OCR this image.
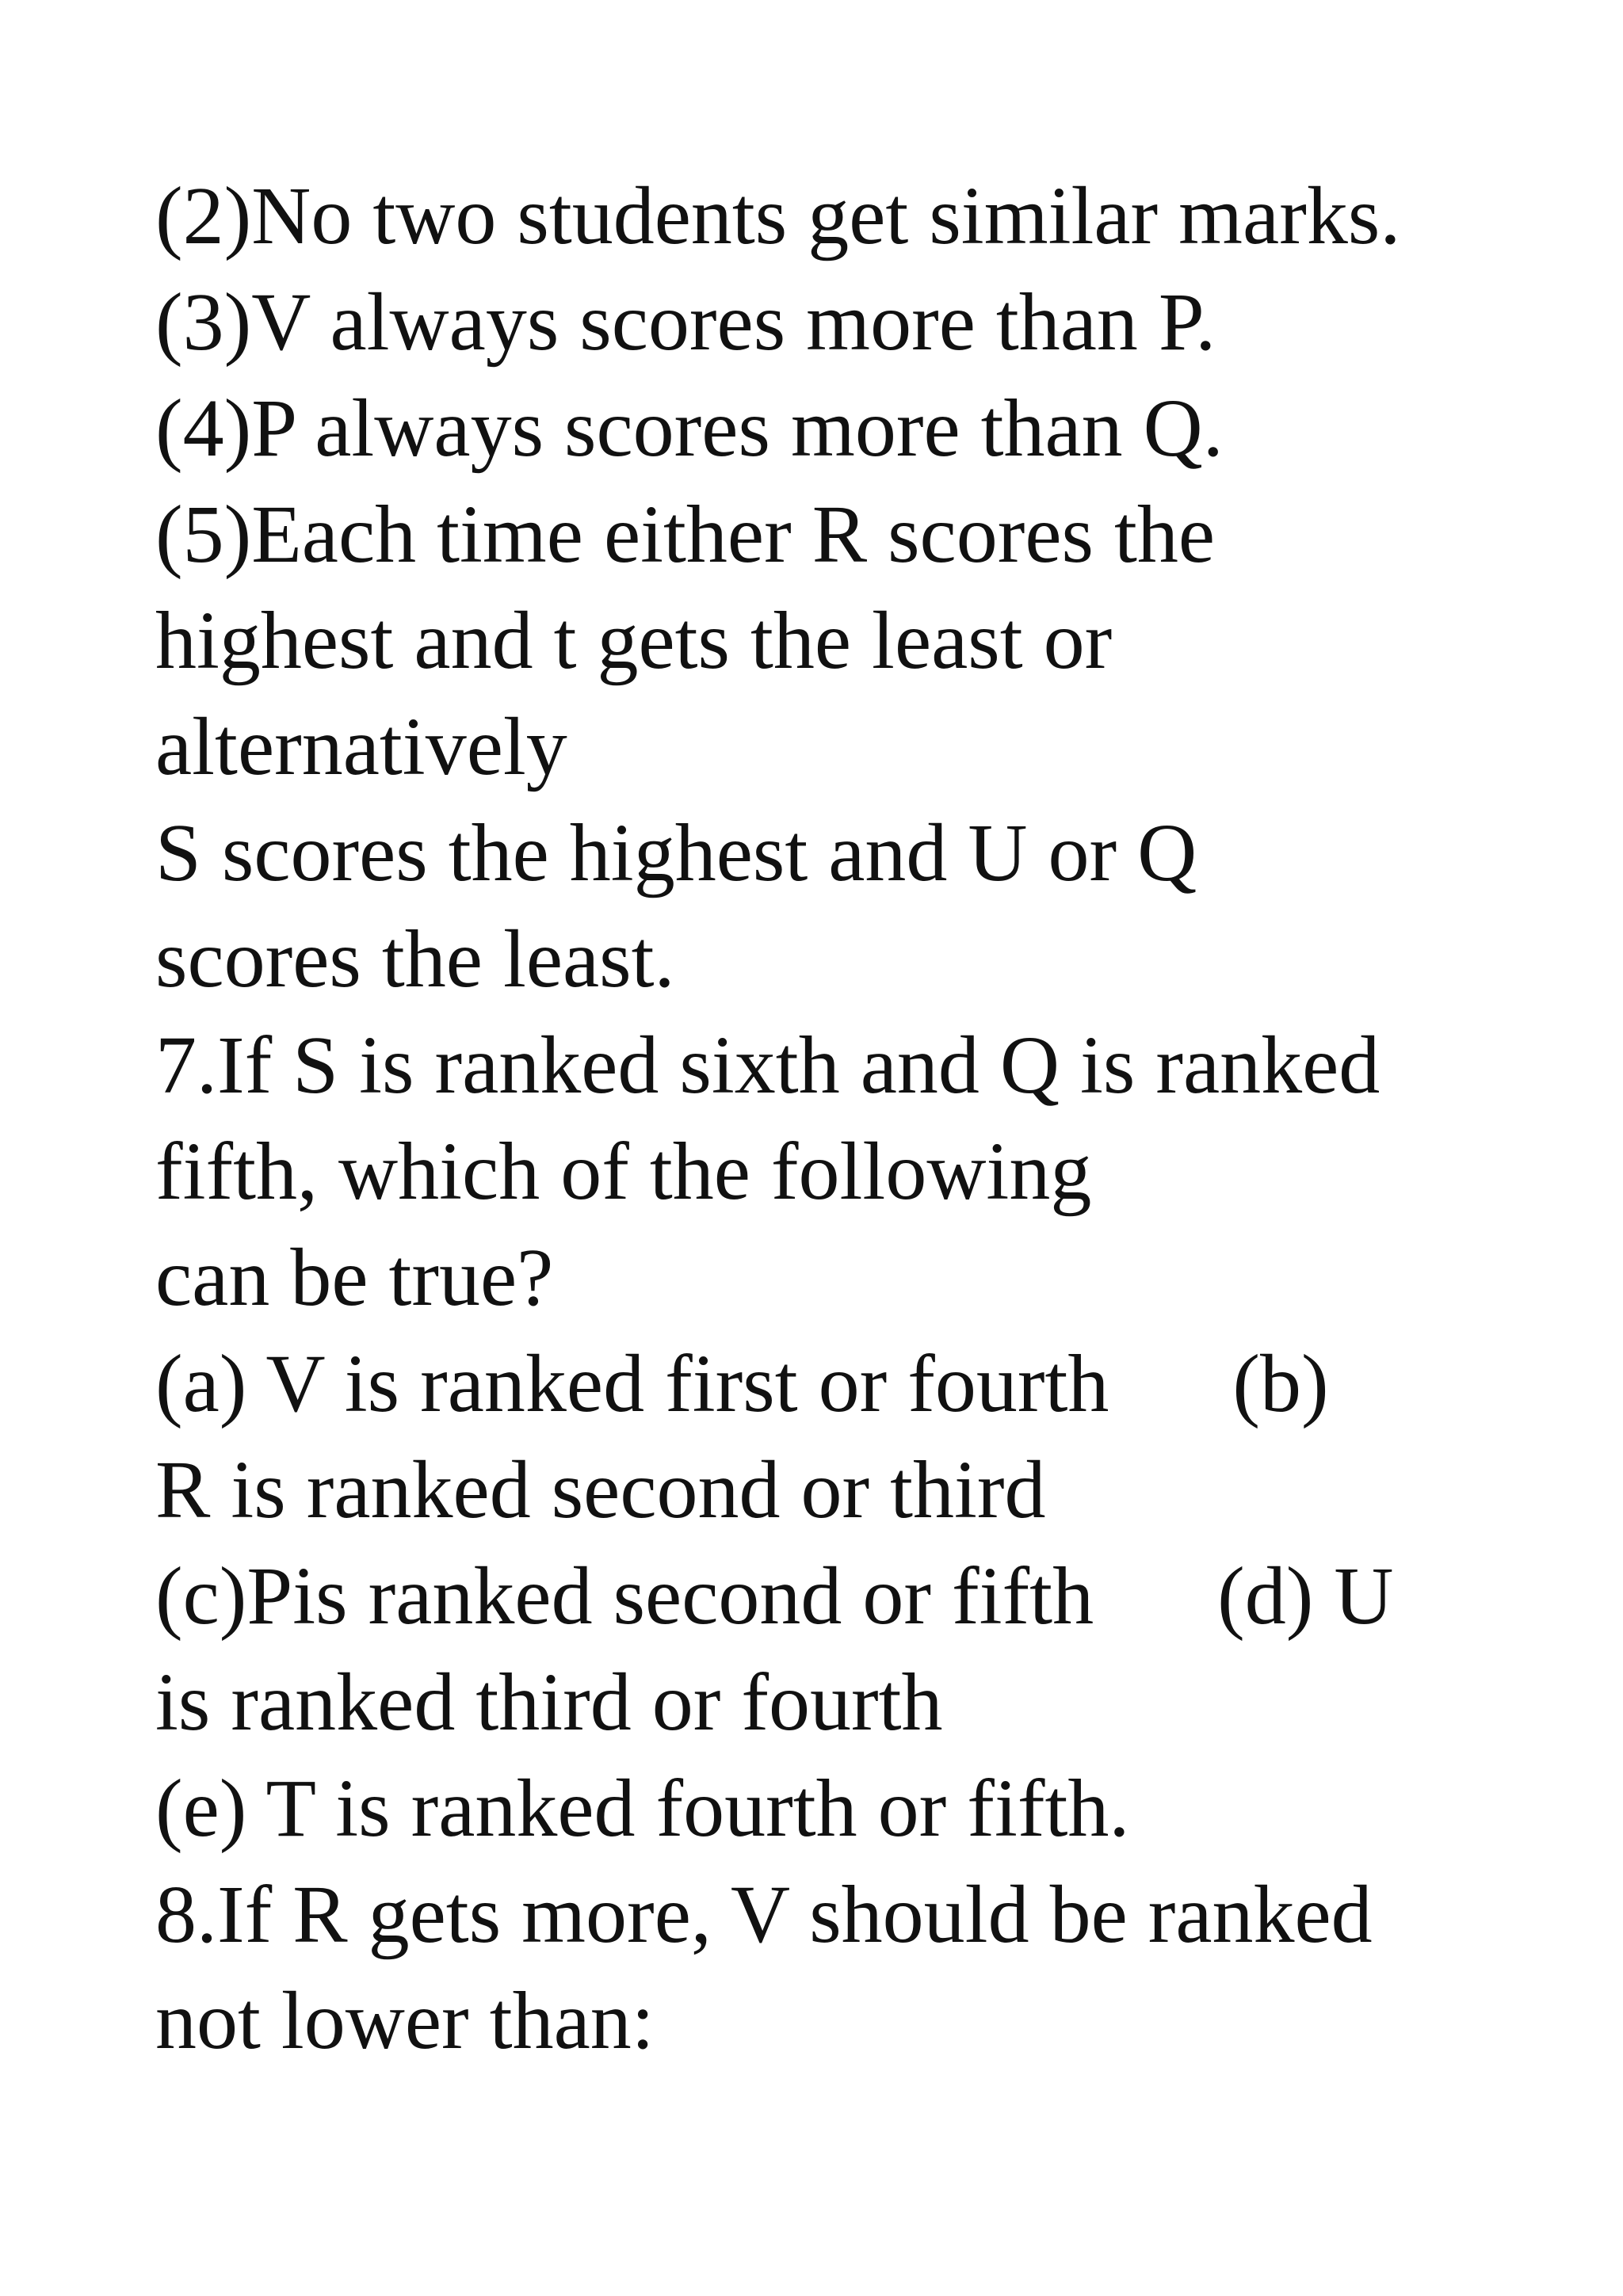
(2)No two students get similar marks.

(3)V always scores more than P.

(4)P always scores more than Q.

(5)Each time either R scores the

highest and t gets the least or

alternatively

S scores the highest and U or Q

scores the least.

7.If S is ranked sixth and Q is ranked

fifth, which of the following

can be true?

(a) V is ranked first or fourth      (b)

R is ranked second or third

(c)Pis ranked second or fifth      (d) U

is ranked third or fourth

(e) T is ranked fourth or fifth.

8.If R gets more, V should be ranked

not lower than:
